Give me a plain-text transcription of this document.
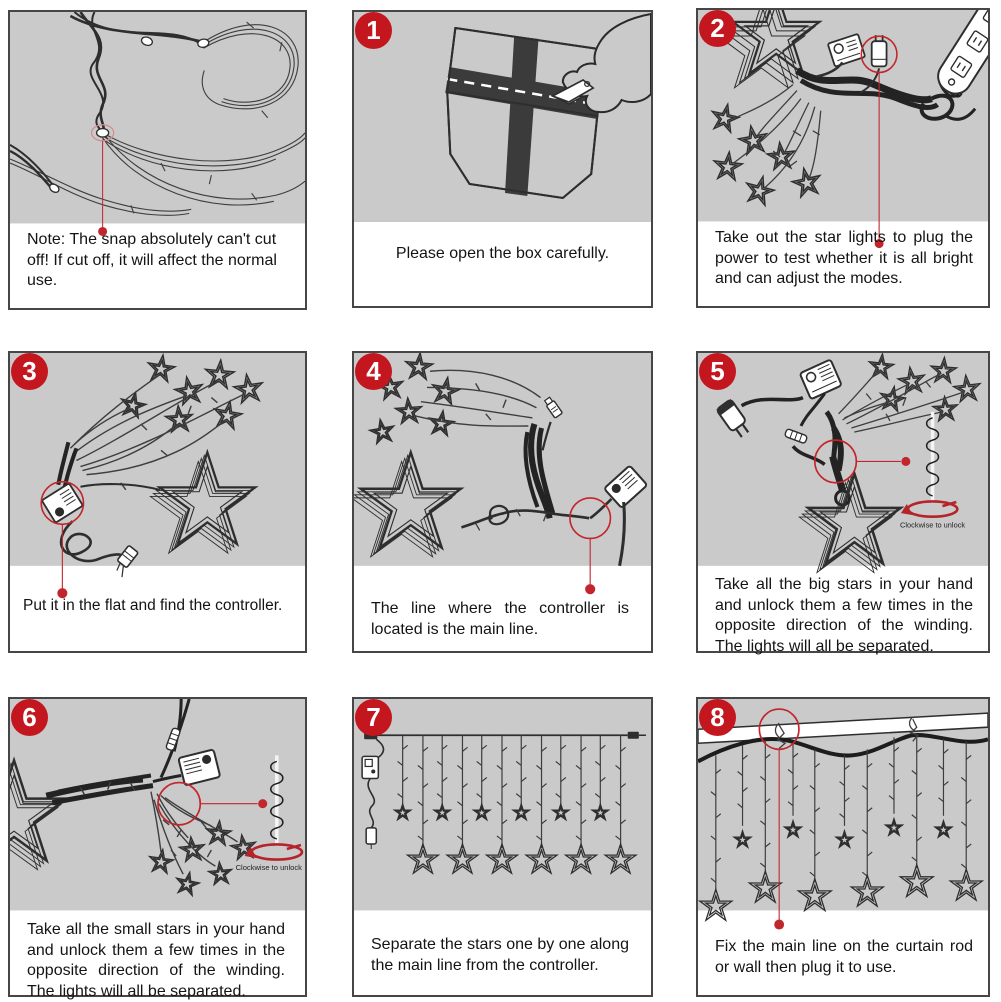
Note: The snap absolutely can't cut off! If cut off, it will affect the normal use.

1

Please open the box carefully.

2

Take out the star lights to plug the power to test whether it is all bright and can adjust the modes.

3

Put it in the flat and find the controller.

4

The line where the controller is located is the main line.

5
Clockwise to unlock

Take all the big stars in your hand and unlock them a few times in the opposite direction of the winding. The lights will all be separated.

6
Clockwise to unlock

Take all the small stars in your hand and unlock them a few times in the opposite direction of the winding. The lights will all be separated.

7

Separate the stars one by one along the main line from the controller.

8

Fix the main line on the curtain rod or wall then plug it to use.
